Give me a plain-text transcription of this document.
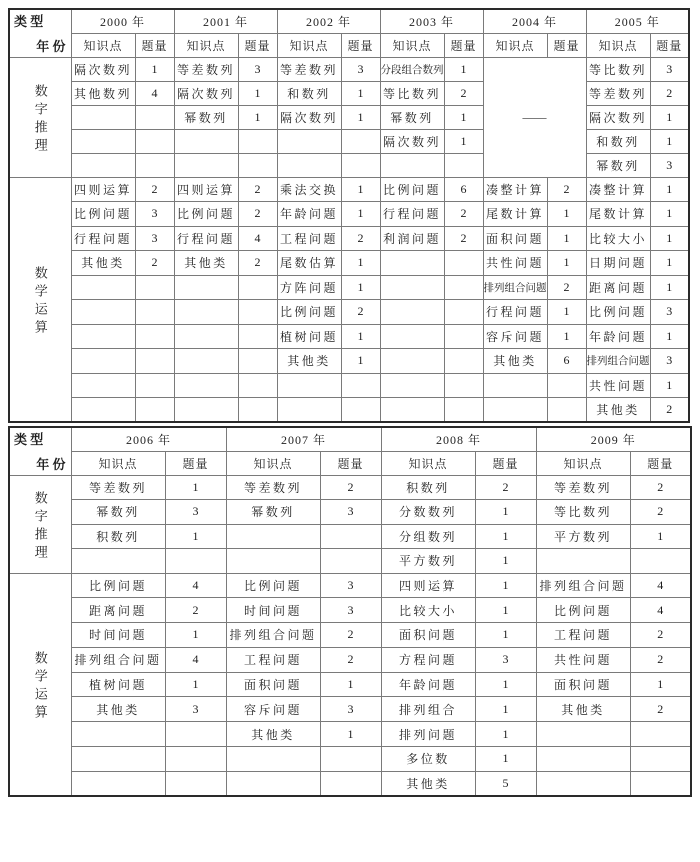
年 份
类 型	2000 年		2001 年		2002 年		2003 年		2004 年		2005 年	
	知识点	题量	知识点	题量	知识点	题量	知识点	题量	知识点	题量	知识点	题量

数字推理	隔次数列	1	等差数列	3	等差数列	3	分段组合数列	1	——		等比数列	3
	其他数列	4	隔次数列	1	和数列	1	等比数列	2			等差数列	2
			幂数列	1	隔次数列	1	幂数列	1			隔次数列	1
							隔次数列	1			和数列	1
											幂数列	3

数学运算	四则运算	2	四则运算	2	乘法交换	1	比例问题	6	凑整计算	2	凑整计算	1
	比例问题	3	比例问题	2	年龄问题	1	行程问题	2	尾数计算	1	尾数计算	1
	行程问题	3	行程问题	4	工程问题	2	利润问题	2	面积问题	1	比较大小	1
	其他类	2	其他类	2	尾数估算	1			共性问题	1	日期问题	1
					方阵问题	1			排列组合问题	2	距离问题	1
					比例问题	2			行程问题	1	比例问题	3
					植树问题	1			容斥问题	1	年龄问题	1
					其他类	1			其他类	6	排列组合问题	3
											共性问题	1
											其他类	2
年 份
类 型	2006 年		2007 年		2008 年		2009 年	
	知识点	题量	知识点	题量	知识点	题量	知识点	题量

数字推理	等差数列	1	等差数列	2	积数列	2	等差数列	2
	幂数列	3	幂数列	3	分数数列	1	等比数列	2
	积数列	1			分组数列	1	平方数列	1
					平方数列	1		

数学运算	比例问题	4	比例问题	3	四则运算	1	排列组合问题	4
	距离问题	2	时间问题	3	比较大小	1	比例问题	4
	时间问题	1	排列组合问题	2	面积问题	1	工程问题	2
	排列组合问题	4	工程问题	2	方程问题	3	共性问题	2
	植树问题	1	面积问题	1	年龄问题	1	面积问题	1
	其他类	3	容斥问题	3	排列组合	1	其他类	2
			其他类	1	排列问题	1		
					多位数	1		
					其他类	5		
